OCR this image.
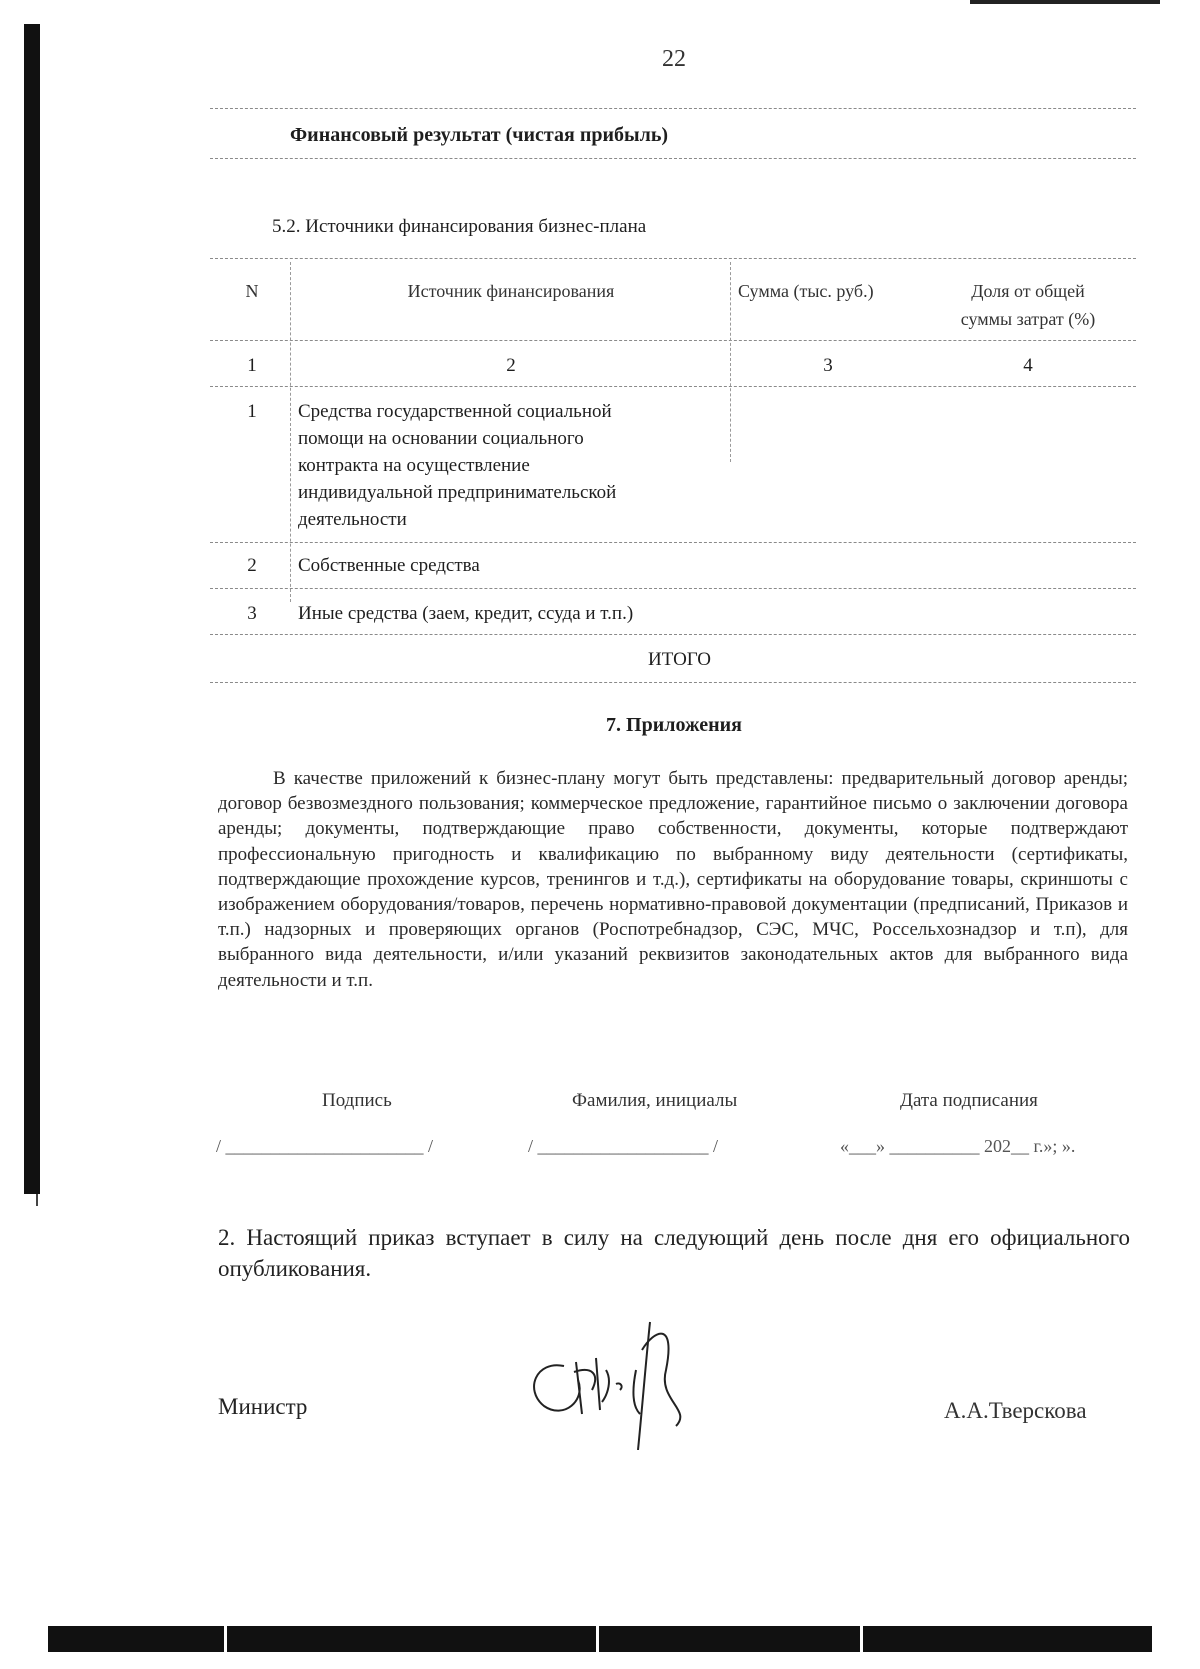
22
Финансовый результат (чистая прибыль)
5.2. Источники финансирования бизнес-плана
N	Источник финансирования	Сумма (тыс. руб.)	Доля от общей
суммы затрат (%)
1	2	3	4
1	Средства государственной социальной
помощи на основании социального
контракта на осуществление
индивидуальной предпринимательской
деятельности
2	Собственные средства
3	Иные средства (заем, кредит, ссуда и т.п.)
ИТОГО
7. Приложения
В качестве приложений к бизнес-плану могут быть представлены: предварительный договор аренды; договор безвозмездного пользования; коммерческое предложение, гарантийное письмо о заключении договора аренды; документы, подтверждающие право собственности, документы, которые подтверждают профессиональную пригодность и квалификацию по выбранному виду деятельности (сертификаты, подтверждающие прохождение курсов, тренингов и т.д.), сертификаты на оборудование товары, скриншоты с изображением оборудования/товаров, перечень нормативно-правовой документации (предписаний, Приказов и т.п.) надзорных и проверяющих органов (Роспотребнадзор, СЭС, МЧС, Россельхознадзор и т.п), для выбранного вида деятельности, и/или указаний реквизитов законодательных актов для выбранного вида деятельности и т.п.
Подпись	Фамилия, инициалы	Дата подписания
/ ______________________ /	/ ___________________ /	«___» __________ 202__ г.»; ».
2. Настоящий приказ вступает в силу на следующий день после дня его официального опубликования.
Министр	А.А.Тверскова
